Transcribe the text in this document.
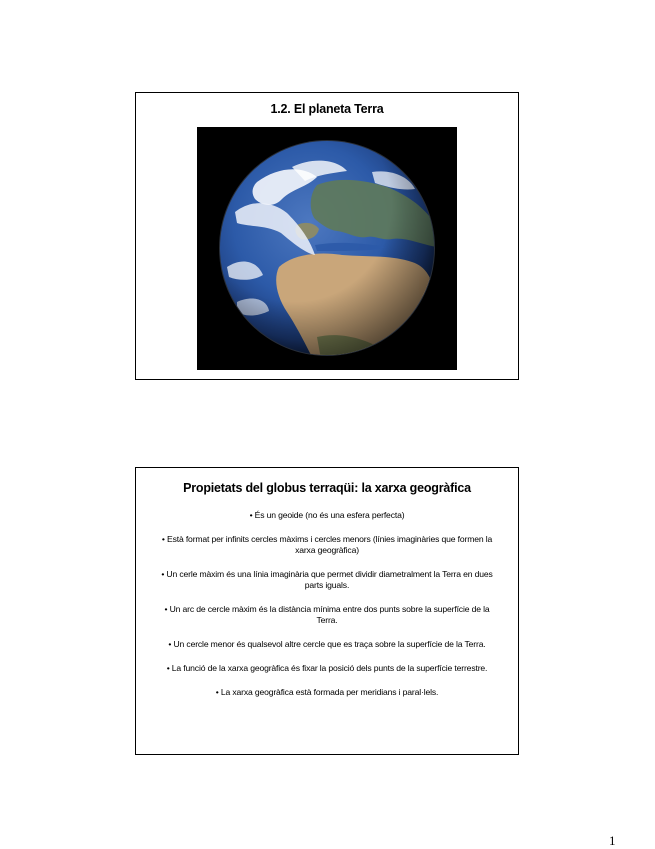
1.2. El planeta Terra
Propietats del globus terraqüi: la xarxa geogràfica
• És un geoide (no és una esfera perfecta)
• Està format per infinits cercles màxims i cercles menors (línies imaginàries que formen la xarxa geogràfica)
• Un cerle màxim és una línia imaginària que permet dividir diametralment la Terra en dues parts iguals.
• Un arc de cercle màxim és la distància mínima entre dos punts sobre la superfície de la Terra.
• Un cercle menor és qualsevol altre cercle que es traça sobre la superfície de la Terra.
• La funció de la xarxa geogràfica és fixar la posició dels punts de la superfície terrestre.
• La xarxa geogràfica està formada per meridians i paral·lels.
1
